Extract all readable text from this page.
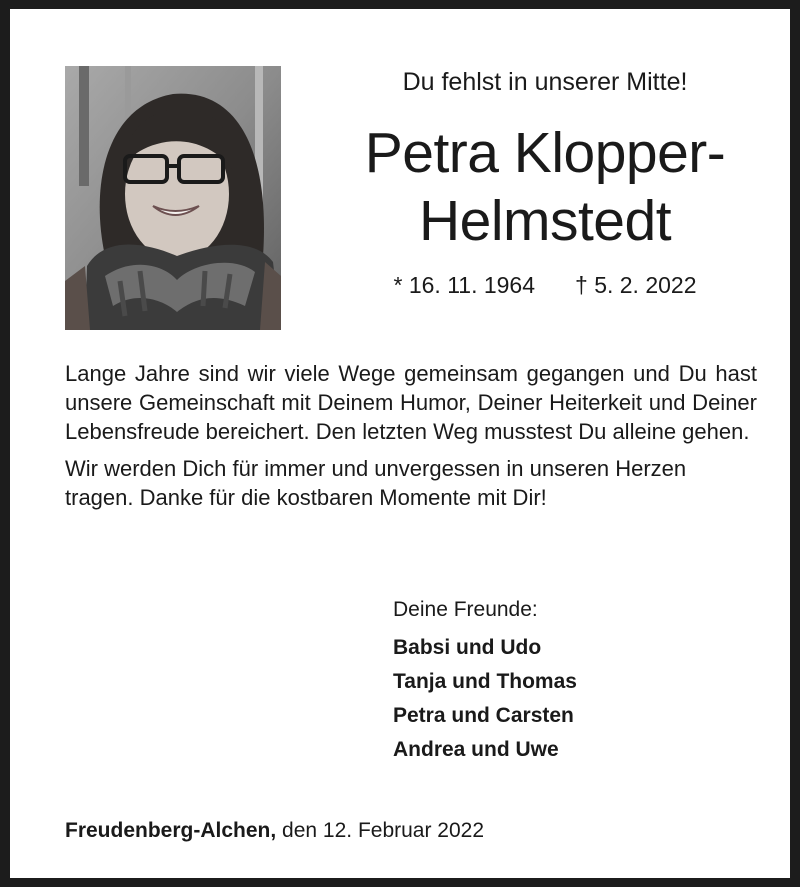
Du fehlst in unserer Mitte!
Petra Klopper-
Helmstedt
* 16. 11. 1964 † 5. 2. 2022

Lange Jahre sind wir viele Wege gemeinsam gegangen und Du hast unsere Gemeinschaft mit Deinem Humor, Deiner Heiterkeit und Deiner Lebensfreude bereichert. Den letzten Weg musstest Du alleine gehen.

Wir werden Dich für immer und unvergessen in unseren Herzen tragen. Danke für die kostbaren Momente mit Dir!

Deine Freunde:
Babsi und Udo
Tanja und Thomas
Petra und Carsten
Andrea und Uwe
Freudenberg-Alchen, den 12. Februar 2022
